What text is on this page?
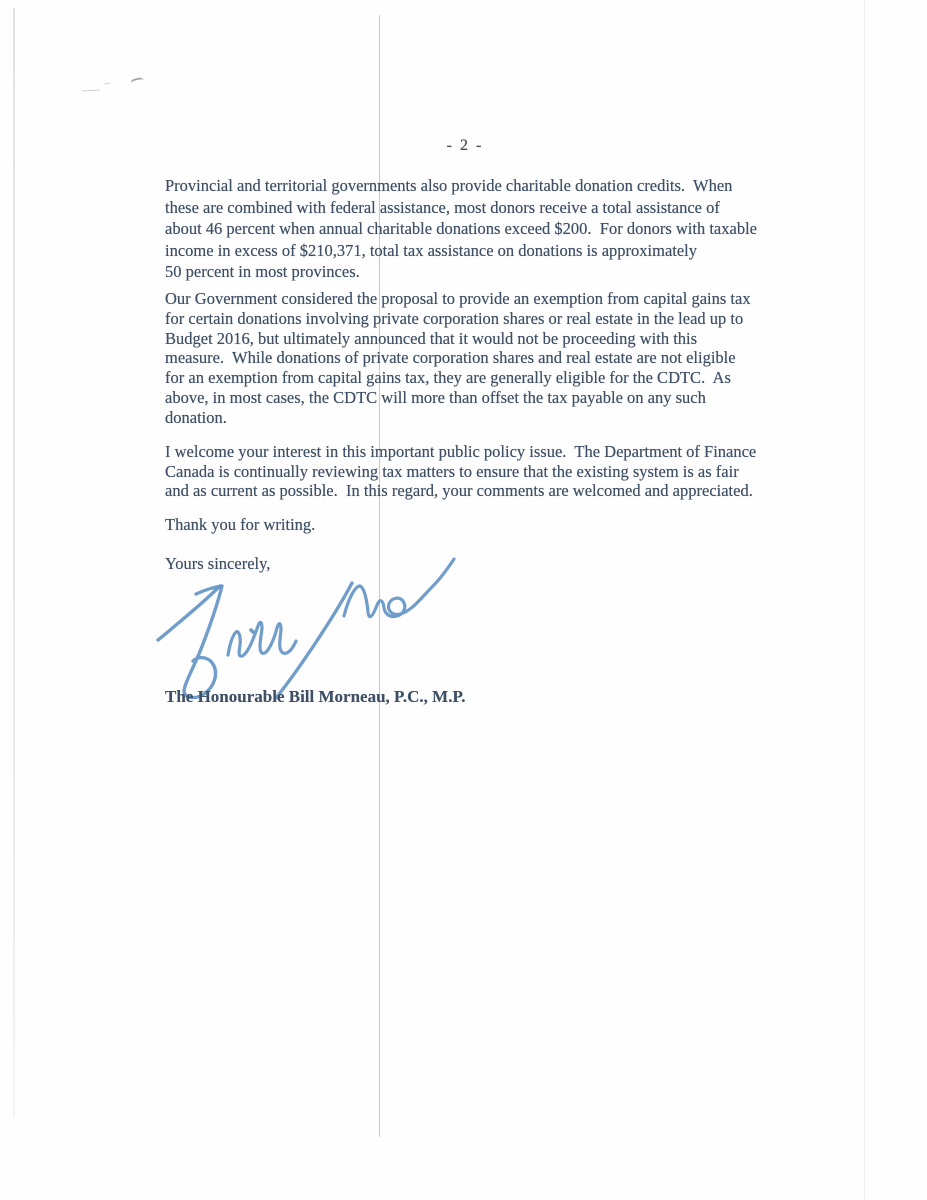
- 2 -
Provincial and territorial governments also provide charitable donation credits.  When
these are combined with federal assistance, most donors receive a total assistance of
about 46 percent when annual charitable donations exceed $200.  For donors with taxable
income in excess of $210,371, total tax assistance on donations is approximately
50 percent in most provinces.
Our Government considered the proposal to provide an exemption from capital gains tax
for certain donations involving private corporation shares or real estate in the lead up to
Budget 2016, but ultimately announced that it would not be proceeding with this
measure.  While donations of private corporation shares and real estate are not eligible
for an exemption from capital gains tax, they are generally eligible for the CDTC.  As
above, in most cases, the CDTC will more than offset the tax payable on any such
donation.
I welcome your interest in this important public policy issue.  The Department of Finance
Canada is continually reviewing tax matters to ensure that the existing system is as fair
and as current as possible.  In this regard, your comments are welcomed and appreciated.
Thank you for writing.
Yours sincerely,
The Honourable Bill Morneau, P.C., M.P.
